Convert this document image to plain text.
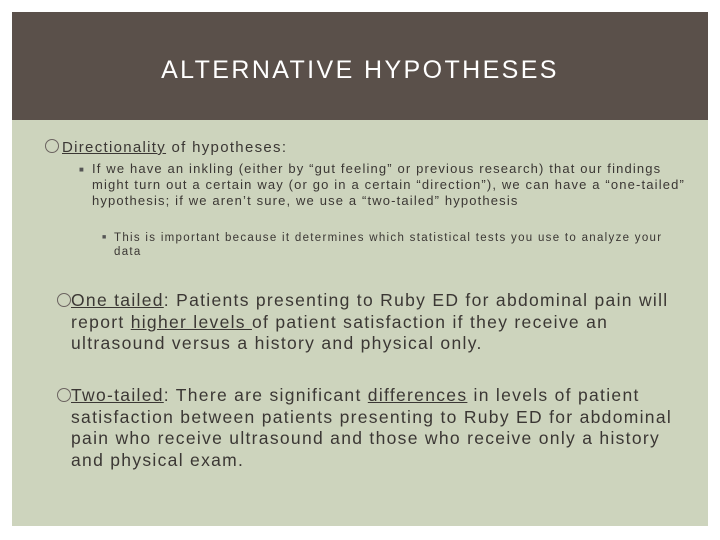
ALTERNATIVE HYPOTHESES
Directionality of hypotheses:
■ If we have an inkling (either by “gut feeling” or previous research) that our findings might turn out a certain way (or go in a certain “direction”), we can have a “one-tailed” hypothesis; if we aren’t sure, we use a “two-tailed” hypothesis
■ This is important because it determines which statistical tests you use to analyze your data
One tailed: Patients presenting to Ruby ED for abdominal pain will report higher levels of patient satisfaction if they receive an ultrasound versus a history and physical only.
Two-tailed: There are significant differences in levels of patient satisfaction between patients presenting to Ruby ED for abdominal pain who receive ultrasound and those who receive only a history and physical exam.
